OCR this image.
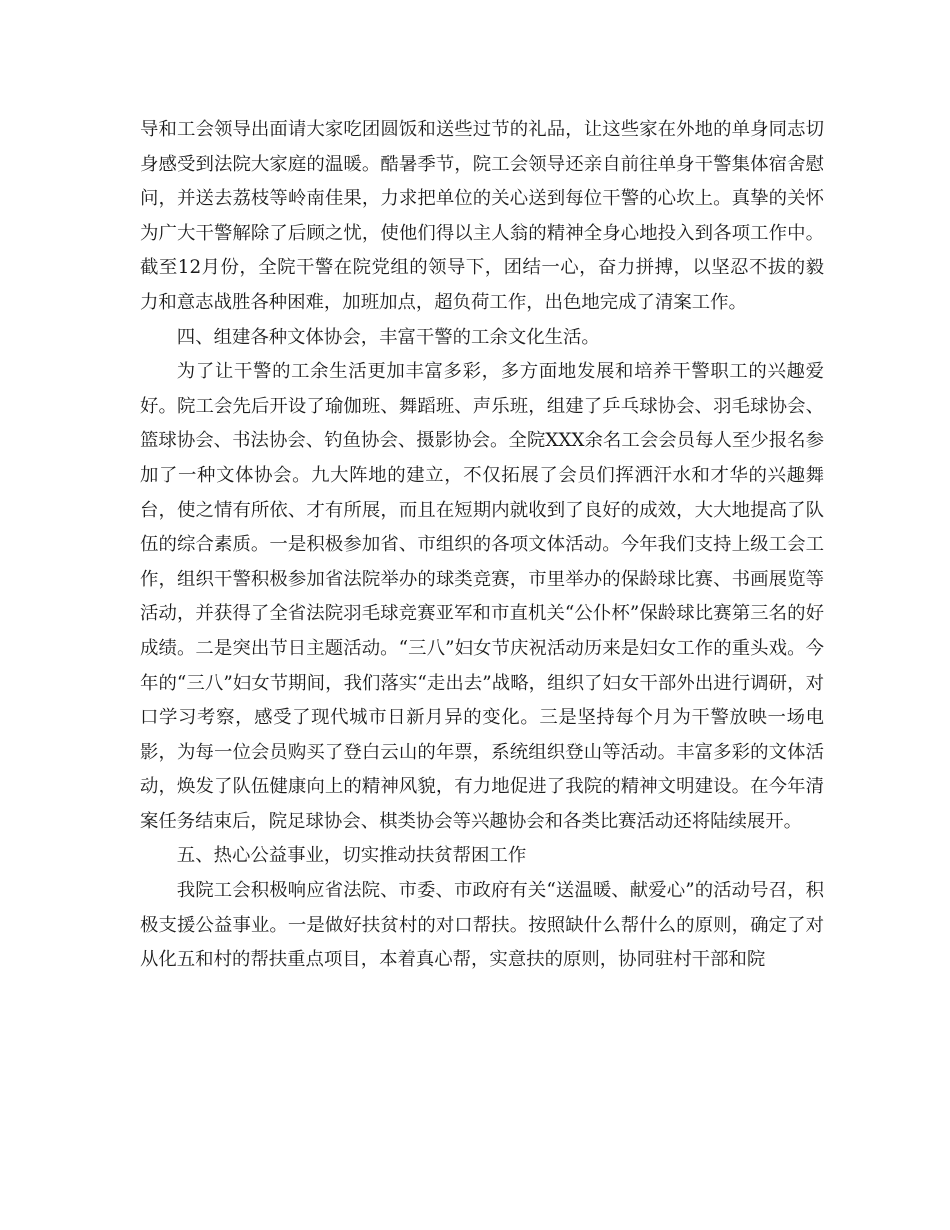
导和工会领导出面请大家吃团圆饭和送些过节的礼品，让这些家在外地的单身同志切身感受到法院大家庭的温暖。酷暑季节，院工会领导还亲自前往单身干警集体宿舍慰问，并送去荔枝等岭南佳果，力求把单位的关心送到每位干警的心坎上。真挚的关怀为广大干警解除了后顾之忧，使他们得以主人翁的精神全身心地投入到各项工作中。截至12月份，全院干警在院党组的领导下，团结一心，奋力拼搏，以坚忍不拔的毅力和意志战胜各种困难，加班加点，超负荷工作，出色地完成了清案工作。

四、组建各种文体协会，丰富干警的工余文化生活。

为了让干警的工余生活更加丰富多彩，多方面地发展和培养干警职工的兴趣爱好。院工会先后开设了瑜伽班、舞蹈班、声乐班，组建了乒乓球协会、羽毛球协会、篮球协会、书法协会、钓鱼协会、摄影协会。全院XXX余名工会会员每人至少报名参加了一种文体协会。九大阵地的建立，不仅拓展了会员们挥洒汗水和才华的兴趣舞台，使之情有所依、才有所展，而且在短期内就收到了良好的成效，大大地提高了队伍的综合素质。一是积极参加省、市组织的各项文体活动。今年我们支持上级工会工作，组织干警积极参加省法院举办的球类竞赛，市里举办的保龄球比赛、书画展览等活动，并获得了全省法院羽毛球竞赛亚军和市直机关“公仆杯”保龄球比赛第三名的好成绩。二是突出节日主题活动。“三八”妇女节庆祝活动历来是妇女工作的重头戏。今年的“三八”妇女节期间，我们落实“走出去”战略，组织了妇女干部外出进行调研，对口学习考察，感受了现代城市日新月异的变化。三是坚持每个月为干警放映一场电影，为每一位会员购买了登白云山的年票，系统组织登山等活动。丰富多彩的文体活动，焕发了队伍健康向上的精神风貌，有力地促进了我院的精神文明建设。在今年清案任务结束后，院足球协会、棋类协会等兴趣协会和各类比赛活动还将陆续展开。

五、热心公益事业，切实推动扶贫帮困工作

我院工会积极响应省法院、市委、市政府有关“送温暖、献爱心”的活动号召，积极支援公益事业。一是做好扶贫村的对口帮扶。按照缺什么帮什么的原则，确定了对从化五和村的帮扶重点项目，本着真心帮，实意扶的原则，协同驻村干部和院
